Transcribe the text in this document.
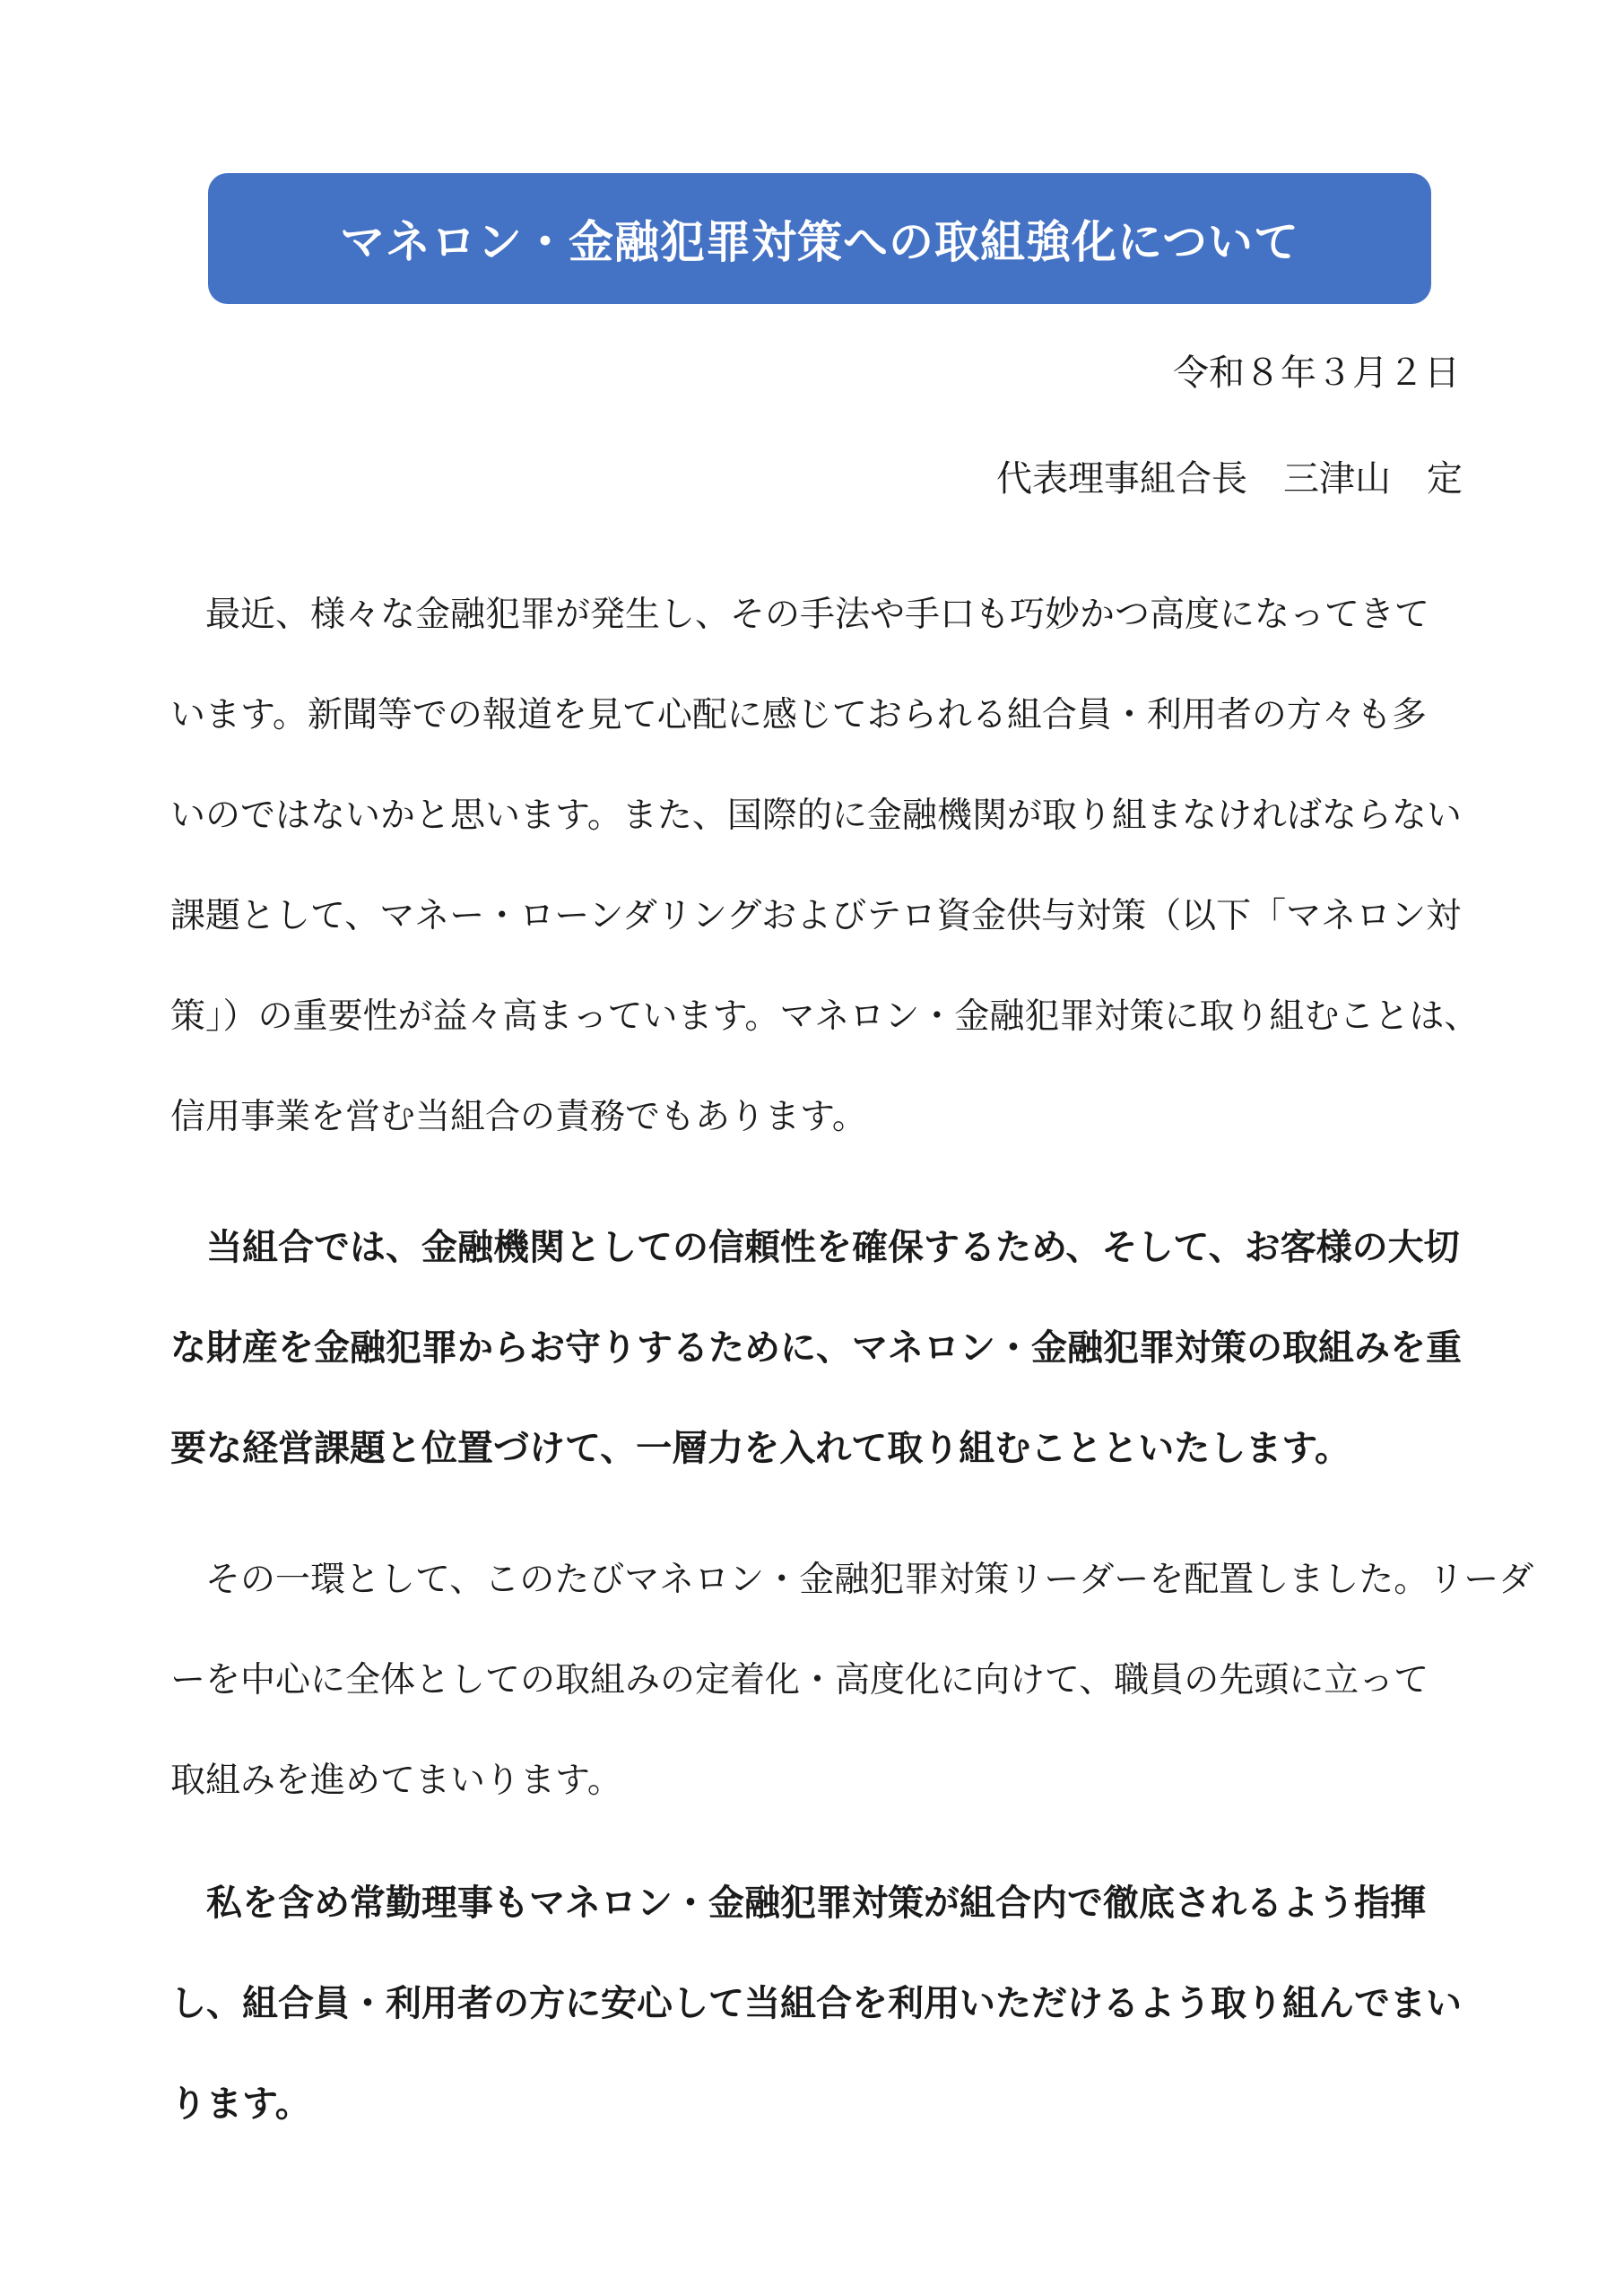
マネロン・金融犯罪対策への取組強化について
令和８年３月２日
代表理事組合長　三津山　定
　最近、様々な金融犯罪が発生し、その手法や手口も巧妙かつ高度になってきて
います。新聞等での報道を見て心配に感じておられる組合員・利用者の方々も多
いのではないかと思います。また、国際的に金融機関が取り組まなければならない
課題として、マネー・ローンダリングおよびテロ資金供与対策（以下「マネロン対
策」）の重要性が益々高まっています。マネロン・金融犯罪対策に取り組むことは、
信用事業を営む当組合の責務でもあります。
　当組合では、金融機関としての信頼性を確保するため、そして、お客様の大切
な財産を金融犯罪からお守りするために、マネロン・金融犯罪対策の取組みを重
要な経営課題と位置づけて、一層力を入れて取り組むことといたします。
　その一環として、このたびマネロン・金融犯罪対策リーダーを配置しました。リーダ
ーを中心に全体としての取組みの定着化・高度化に向けて、職員の先頭に立って
取組みを進めてまいります。
　私を含め常勤理事もマネロン・金融犯罪対策が組合内で徹底されるよう指揮
し、組合員・利用者の方に安心して当組合を利用いただけるよう取り組んでまい
ります。
